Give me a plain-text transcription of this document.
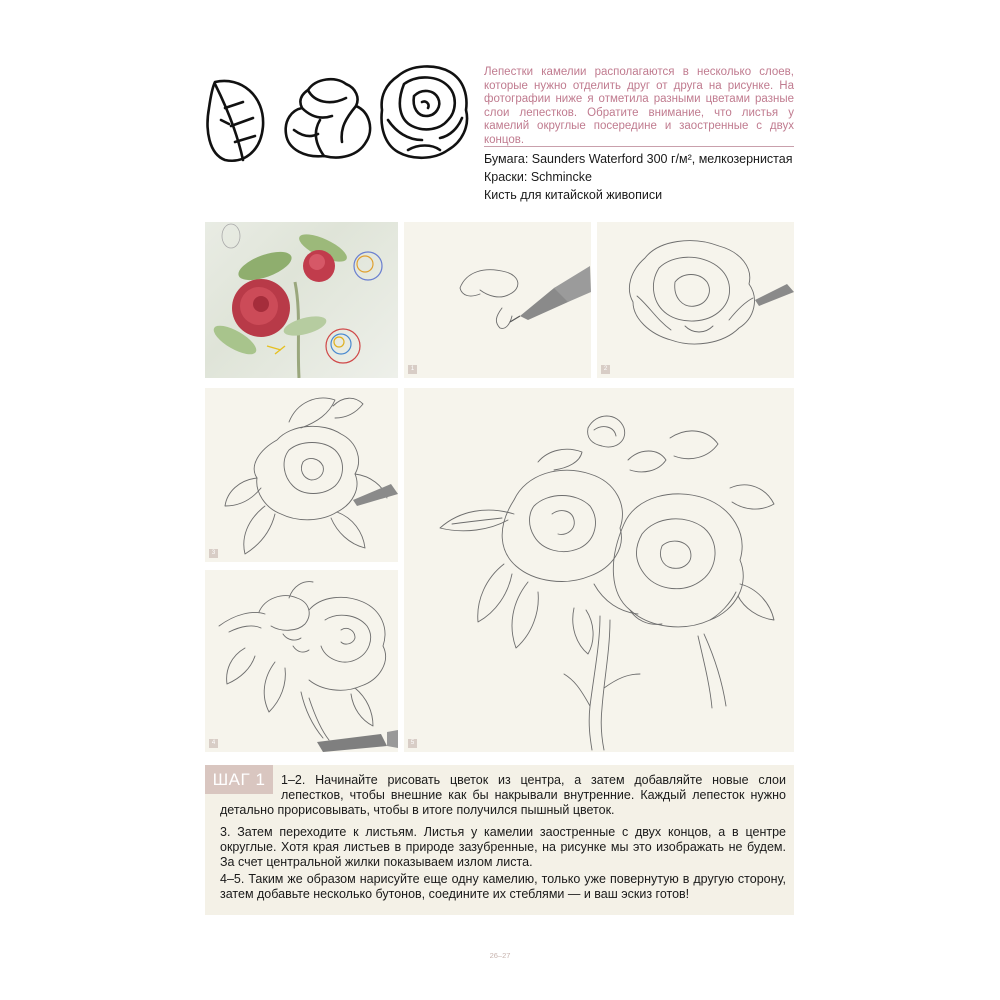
Лепестки камелии располагаются в несколько слоев, которые нужно отделить друг от друга на рисунке. На фотографии ниже я отметила разными цветами разные слои лепестков. Обратите внимание, что листья у камелий округлые посередине и заостренные с двух концов.
Бумага: Saunders Waterford 300 г/м², мелкозернистая
Краски: Schmincke
Кисть для китайской живописи
1	2
3
4	5
ШАГ 1	1–2. Начинайте рисовать цветок из центра, а затем добавляйте новые слои лепестков, чтобы внешние как бы накрывали внутренние. Каждый лепесток нужно детально прорисовывать, чтобы в итоге получился пышный цветок.
3. Затем переходите к листьям. Листья у камелии заостренные с двух концов, а в центре округлые. Хотя края листьев в природе зазубренные, на рисунке мы это изображать не будем. За счет центральной жилки показываем излом листа.
4–5. Таким же образом нарисуйте еще одну камелию, только уже повернутую в другую сторону, затем добавьте несколько бутонов, соедините их стеблями — и ваш эскиз готов!
26–27
